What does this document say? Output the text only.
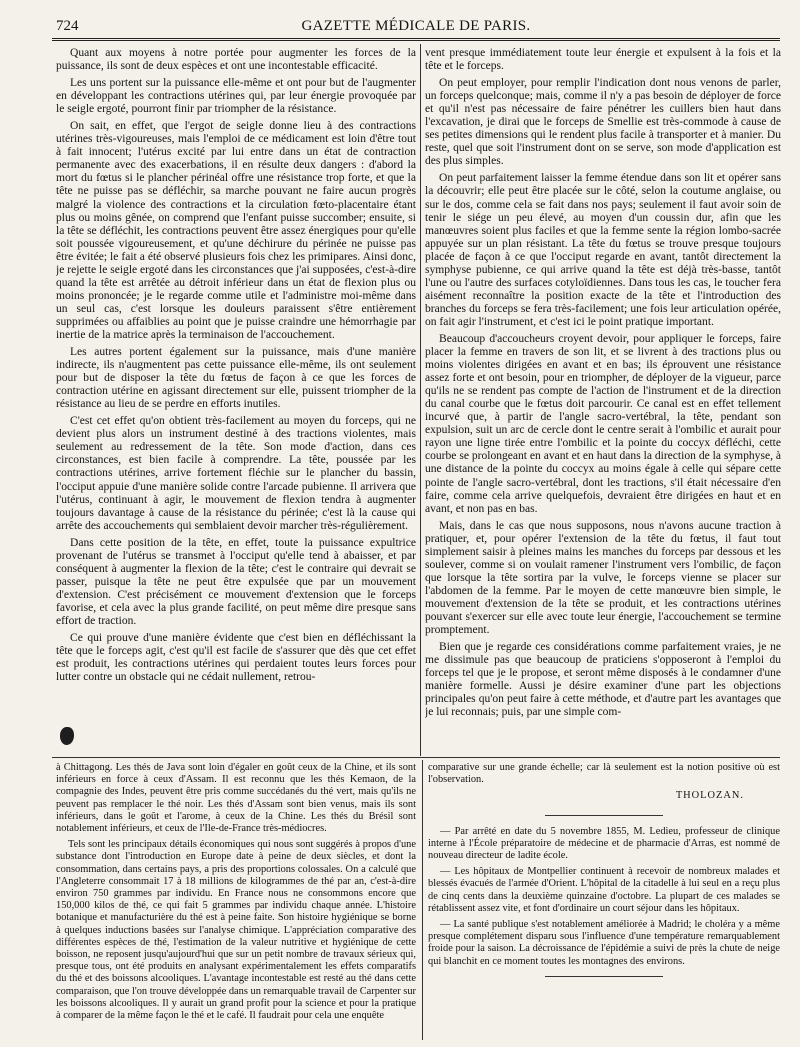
724	GAZETTE MÉDICALE DE PARIS.

Quant aux moyens à notre portée pour augmenter les forces de la puissance, ils sont de deux espèces et ont une incontestable efficacité.

Les uns portent sur la puissance elle-même et ont pour but de l'augmenter en développant les contractions utérines qui, par leur énergie provoquée par le seigle ergoté, pourront finir par triompher de la résistance.

On sait, en effet, que l'ergot de seigle donne lieu à des contractions utérines très-vigoureuses, mais l'emploi de ce médicament est loin d'être tout à fait innocent; l'utérus excité par lui entre dans un état de contraction permanente avec des exacerbations, il en résulte deux dangers : d'abord la mort du fœtus si le plancher périnéal offre une résistance trop forte, et que la tête ne puisse pas se défléchir, sa marche pouvant ne faire aucun progrès malgré la violence des contractions et la circulation fœto-placentaire étant plus ou moins gênée, on comprend que l'enfant puisse succomber; ensuite, si la tête se défléchit, les contractions peuvent être assez énergiques pour qu'elle soit poussée vigoureusement, et qu'une déchirure du périnée ne puisse pas être évitée; le fait a été observé plusieurs fois chez les primipares. Ainsi donc, je rejette le seigle ergoté dans les circonstances que j'ai supposées, c'est-à-dire quand la tête est arrêtée au détroit inférieur dans un état de flexion plus ou moins prononcée; je le regarde comme utile et l'administre moi-même dans un seul cas, c'est lorsque les douleurs paraissent s'être entièrement supprimées ou affaiblies au point que je puisse craindre une hémorrhagie par inertie de la matrice après la terminaison de l'accouchement.

Les autres portent également sur la puissance, mais d'une manière indirecte, ils n'augmentent pas cette puissance elle-même, ils ont seulement pour but de disposer la tête du fœtus de façon à ce que les forces de contraction utérine en agissant directement sur elle, puissent triompher de la résistance au lieu de se perdre en efforts inutiles.

C'est cet effet qu'on obtient très-facilement au moyen du forceps, qui ne devient plus alors un instrument destiné à des tractions violentes, mais seulement au redressement de la tête. Son mode d'action, dans ces circonstances, est bien facile à comprendre. La tête, poussée par les contractions utérines, arrive fortement fléchie sur le plancher du bassin, l'occiput appuie d'une manière solide contre l'arcade pubienne. Il arrivera que l'utérus, continuant à agir, le mouvement de flexion tendra à augmenter toujours davantage à cause de la résistance du périnée; c'est là la cause qui arrête des accouchements qui semblaient devoir marcher très-régulièrement.

Dans cette position de la tête, en effet, toute la puissance expultrice provenant de l'utérus se transmet à l'occiput qu'elle tend à abaisser, et par conséquent à augmenter la flexion de la tête; c'est le contraire qui devrait se passer, puisque la tête ne peut être expulsée que par un mouvement d'extension. C'est précisément ce mouvement d'extension que le forceps favorise, et cela avec la plus grande facilité, on peut même dire presque sans effort de traction.

Ce qui prouve d'une manière évidente que c'est bien en défléchissant la tête que le forceps agit, c'est qu'il est facile de s'assurer que dès que cet effet est produit, les contractions utérines qui perdaient toutes leurs forces pour lutter contre un obstacle qui ne cédait nullement, retrou-

vent presque immédiatement toute leur énergie et expulsent à la fois et la tête et le forceps.

On peut employer, pour remplir l'indication dont nous venons de parler, un forceps quelconque; mais, comme il n'y a pas besoin de déployer de force et qu'il n'est pas nécessaire de faire pénétrer les cuillers bien haut dans l'excavation, je dirai que le forceps de Smellie est très-commode à cause de ses petites dimensions qui le rendent plus facile à transporter et à manier. Du reste, quel que soit l'instrument dont on se serve, son mode d'application est des plus simples.

On peut parfaitement laisser la femme étendue dans son lit et opérer sans la découvrir; elle peut être placée sur le côté, selon la coutume anglaise, ou sur le dos, comme cela se fait dans nos pays; seulement il faut avoir soin de tenir le siége un peu élevé, au moyen d'un coussin dur, afin que les manœuvres soient plus faciles et que la femme sente la région lombo-sacrée appuyée sur un plan résistant. La tête du fœtus se trouve presque toujours placée de façon à ce que l'occiput regarde en avant, tantôt directement la symphyse pubienne, ce qui arrive quand la tête est déjà très-basse, tantôt l'une ou l'autre des surfaces cotyloïdiennes. Dans tous les cas, le toucher fera aisément reconnaître la position exacte de la tête et l'introduction des branches du forceps se fera très-facilement; une fois leur articulation opérée, on fait agir l'instrument, et c'est ici le point pratique important.

Beaucoup d'accoucheurs croyent devoir, pour appliquer le forceps, faire placer la femme en travers de son lit, et se livrent à des tractions plus ou moins violentes dirigées en avant et en bas; ils éprouvent une résistance assez forte et ont besoin, pour en triompher, de déployer de la vigueur, parce qu'ils ne se rendent pas compte de l'action de l'instrument et de la direction du canal courbe que le fœtus doit parcourir. Ce canal est en effet tellement incurvé que, à partir de l'angle sacro-vertébral, la tête, pendant son expulsion, suit un arc de cercle dont le centre serait à l'ombilic et aurait pour rayon une ligne tirée entre l'ombilic et la pointe du coccyx défléchi, cette courbe se prolongeant en avant et en haut dans la direction de la symphyse, à une distance de la pointe du coccyx au moins égale à celle qui sépare cette pointe de l'angle sacro-vertébral, dont les tractions, s'il était nécessaire d'en faire, comme cela arrive quelquefois, devraient être dirigées en haut et en avant, et non pas en bas.

Mais, dans le cas que nous supposons, nous n'avons aucune traction à pratiquer, et, pour opérer l'extension de la tête du fœtus, il faut tout simplement saisir à pleines mains les manches du forceps par dessous et les soulever, comme si on voulait ramener l'instrument vers l'ombilic, de façon que lorsque la tête sortira par la vulve, le forceps vienne se placer sur l'abdomen de la femme. Par le moyen de cette manœuvre bien simple, le mouvement d'extension de la tête se produit, et les contractions utérines pouvant s'exercer sur elle avec toute leur énergie, l'accouchement se termine promptement.

Bien que je regarde ces considérations comme parfaitement vraies, je ne me dissimule pas que beaucoup de praticiens s'opposeront à l'emploi du forceps tel que je le propose, et seront même disposés à le condamner d'une manière formelle. Aussi je désire examiner d'une part les objections principales qu'on peut faire à cette méthode, et d'autre part les avantages que je lui reconnais; puis, par une simple com-

à Chittagong. Les thés de Java sont loin d'égaler en goût ceux de la Chine, et ils sont inférieurs en force à ceux d'Assam. Il est reconnu que les thés Kemaon, de la compagnie des Indes, peuvent être pris comme succédanés du thé vert, mais qu'ils ne peuvent pas remplacer le thé noir. Les thés d'Assam sont bien venus, mais ils sont inférieurs, dans le goût et l'arome, à ceux de la Chine. Les thés du Brésil sont notablement inférieurs, et ceux de l'Ile-de-France très-médiocres.

Tels sont les principaux détails économiques qui nous sont suggérés à propos d'une substance dont l'introduction en Europe date à peine de deux siècles, et dont la consommation, dans certains pays, a pris des proportions colossales. On a calculé que l'Angleterre consommait 17 à 18 millions de kilogrammes de thé par an, c'est-à-dire environ 750 grammes par individu. En France nous ne consommons encore que 150,000 kilos de thé, ce qui fait 5 grammes par individu chaque année. L'histoire botanique et manufacturière du thé est à peine faite. Son histoire hygiénique se borne à quelques inductions basées sur l'analyse chimique. L'appréciation comparative des différentes espèces de thé, l'estimation de la valeur nutritive et hygiénique de cette boisson, ne reposent jusqu'aujourd'hui que sur un petit nombre de travaux sérieux qui, presque tous, ont été produits en analysant expérimentalement les effets comparatifs du thé et des boissons alcooliques. L'avantage incontestable est resté au thé dans cette comparaison, que l'on trouve développée dans un remarquable travail de Carpenter sur les boissons alcooliques. Il y aurait un grand profit pour la science et pour la pratique à comparer de la même façon le thé et le café. Il faudrait pour cela une enquête

comparative sur une grande échelle; car là seulement est la notion positive où est l'observation.

THOLOZAN.

— Par arrêté en date du 5 novembre 1855, M. Ledieu, professeur de clinique interne à l'École préparatoire de médecine et de pharmacie d'Arras, est nommé de nouveau directeur de ladite école.

— Les hôpitaux de Montpellier continuent à recevoir de nombreux malades et blessés évacués de l'armée d'Orient. L'hôpital de la citadelle à lui seul en a reçu plus de cinq cents dans la deuxième quinzaine d'octobre. La plupart de ces malades se rétablissent assez vite, et font d'ordinaire un court séjour dans les hôpitaux.

— La santé publique s'est notablement améliorée à Madrid; le choléra y a même presque complétement disparu sous l'influence d'une température remarquablement froide pour la saison. La décroissance de l'épidémie a suivi de près la chute de neige qui blanchit en ce moment toutes les montagnes des environs.
